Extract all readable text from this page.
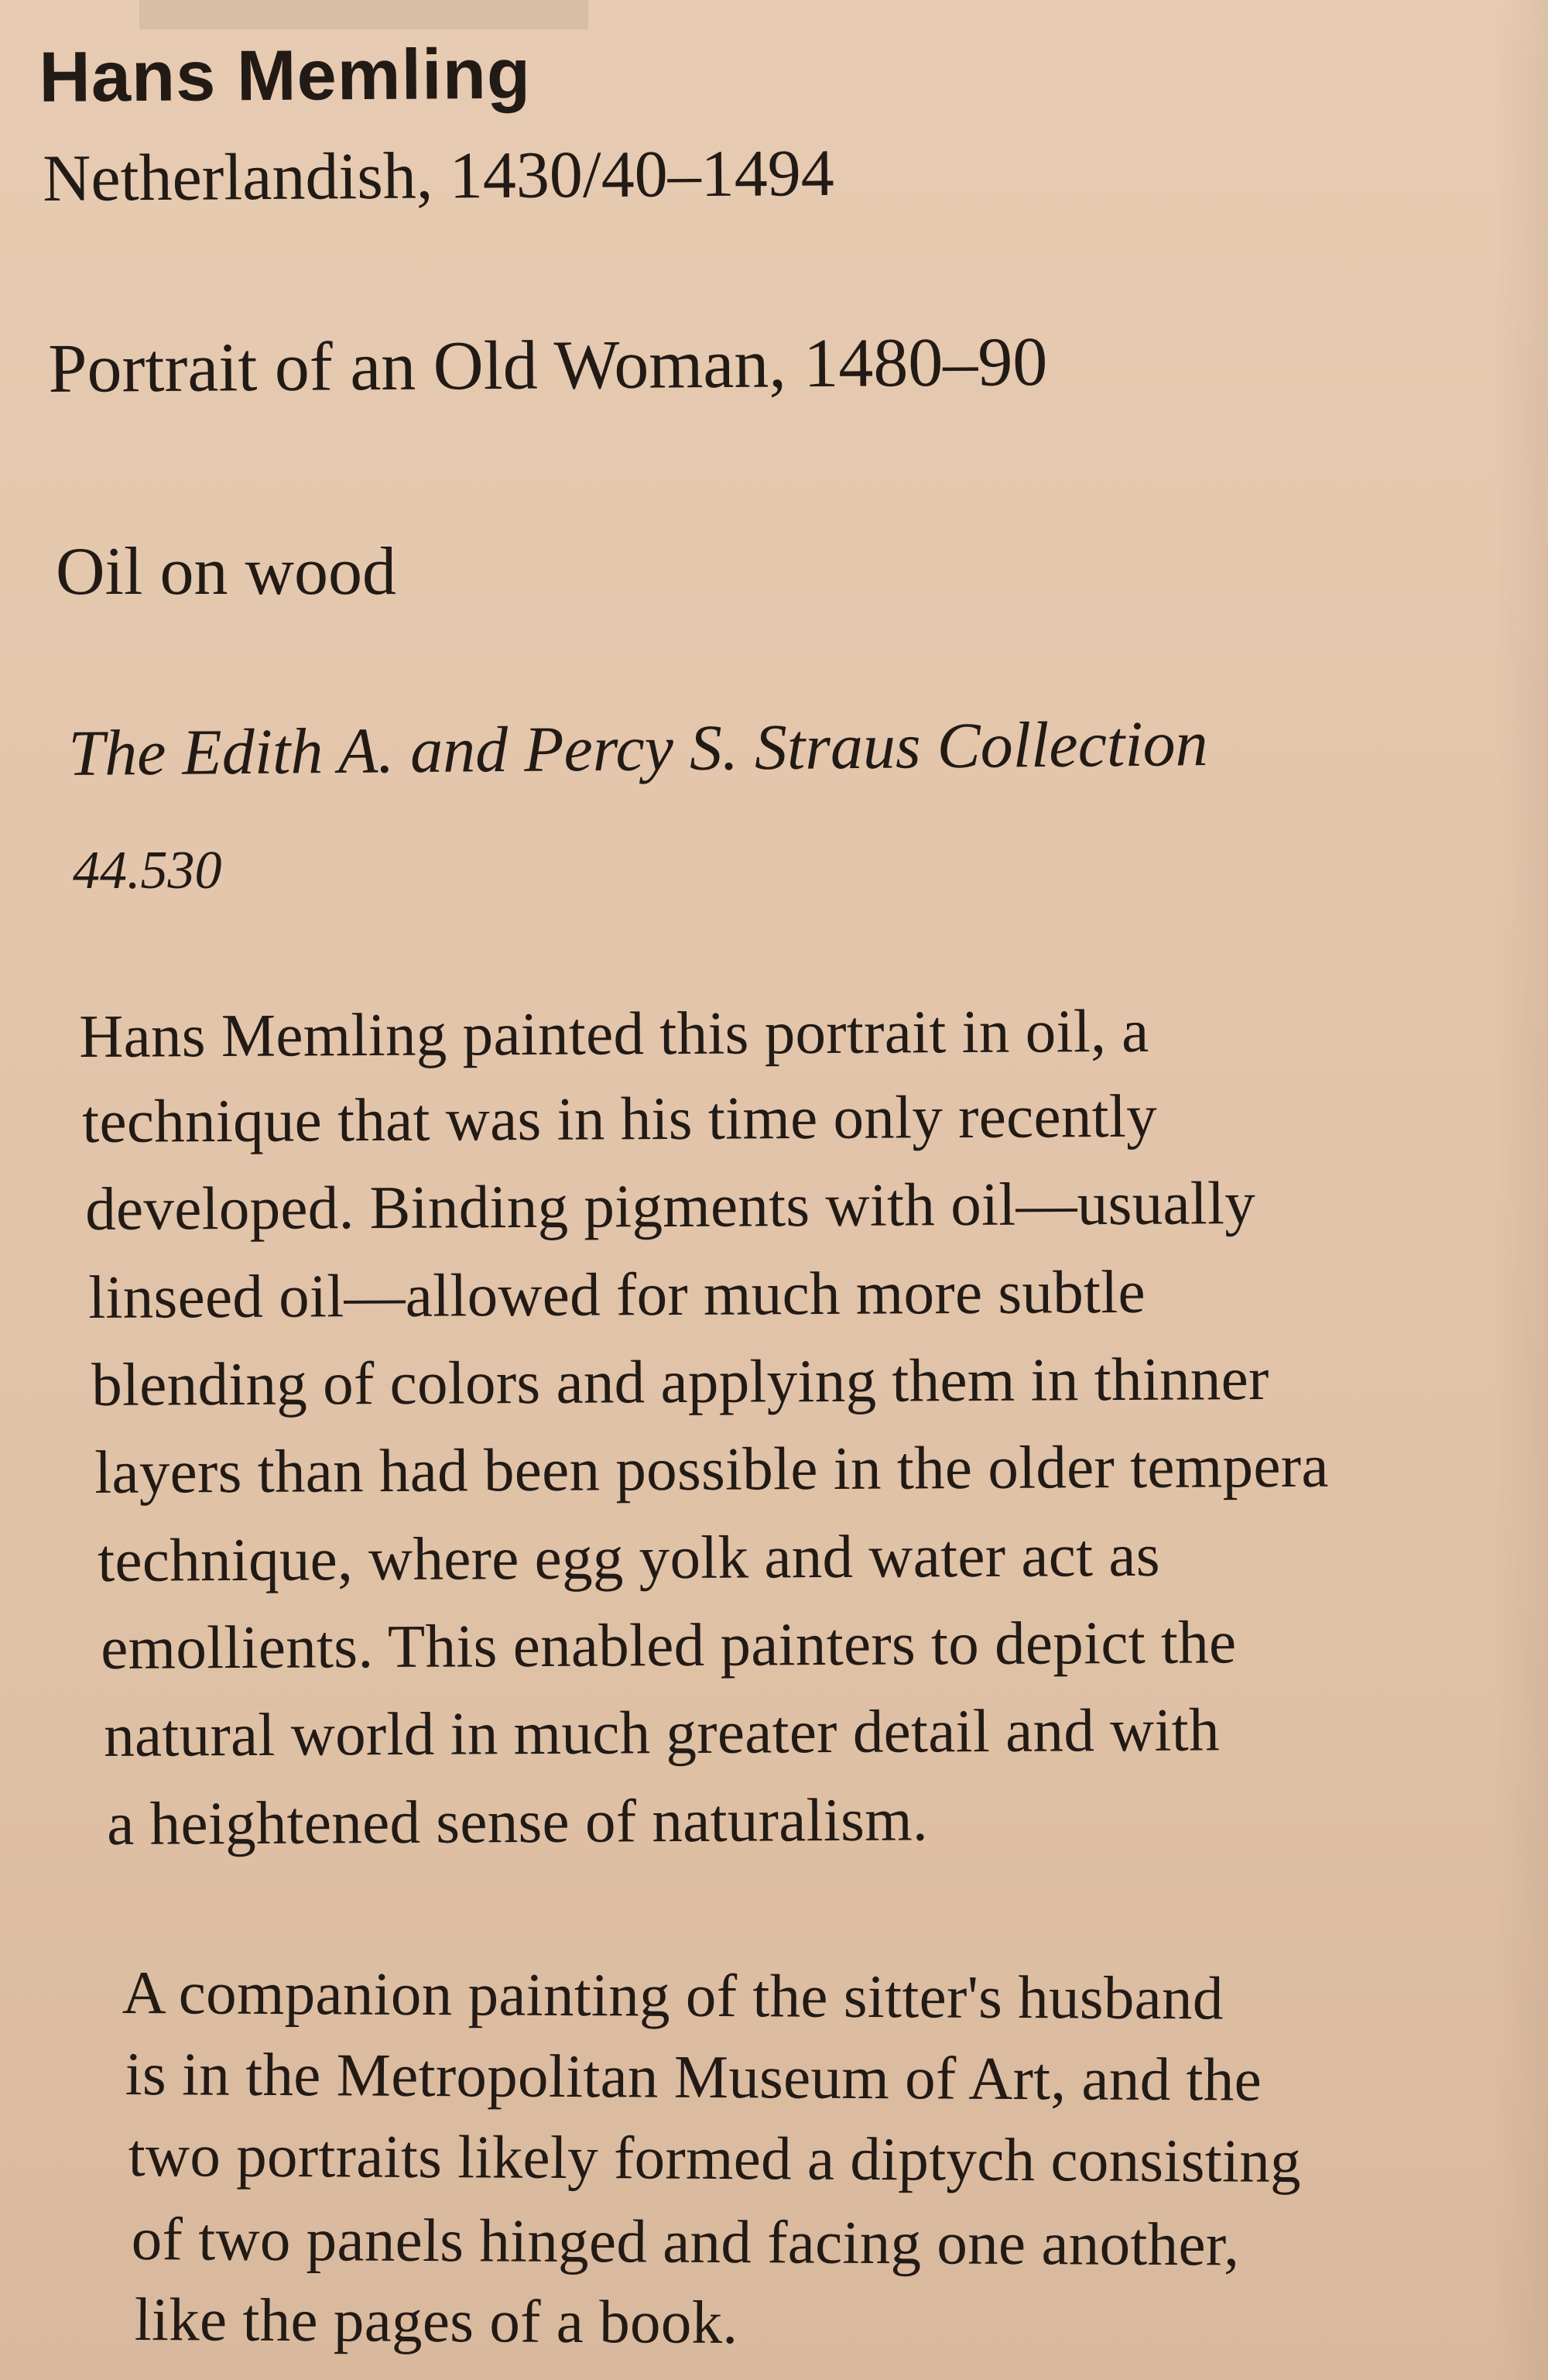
Hans Memling
Netherlandish, 1430/40–1494
Portrait of an Old Woman, 1480–90
Oil on wood
The Edith A. and Percy S. Straus Collection
44.530
Hans Memling painted this portrait in oil, a
technique that was in his time only recently
developed. Binding pigments with oil—usually
linseed oil—allowed for much more subtle
blending of colors and applying them in thinner
layers than had been possible in the older tempera
technique, where egg yolk and water act as
emollients. This enabled painters to depict the
natural world in much greater detail and with
a heightened sense of naturalism.
A companion painting of the sitter's husband
is in the Metropolitan Museum of Art, and the
two portraits likely formed a diptych consisting
of two panels hinged and facing one another,
like the pages of a book.
